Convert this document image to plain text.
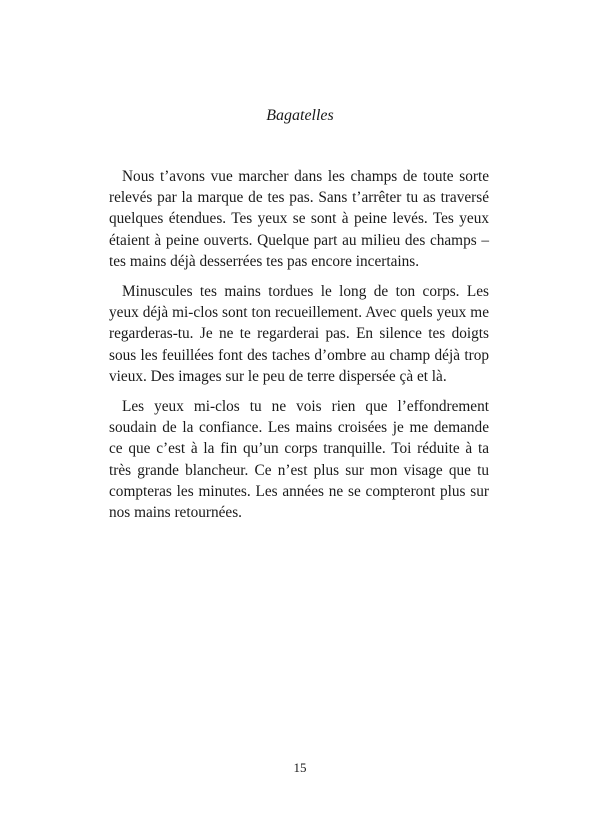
Bagatelles

Nous t’avons vue marcher dans les champs de toute sorte relevés par la marque de tes pas. Sans t’arrêter tu as traversé quelques étendues. Tes yeux se sont à peine levés. Tes yeux étaient à peine ouverts. Quelque part au milieu des champs – tes mains déjà desserrées tes pas encore incertains.

Minuscules tes mains tordues le long de ton corps. Les yeux déjà mi-clos sont ton recueillement. Avec quels yeux me regarderas-tu. Je ne te regarderai pas. En silence tes doigts sous les feuillées font des taches d’ombre au champ déjà trop vieux. Des images sur le peu de terre dispersée çà et là.

Les yeux mi-clos tu ne vois rien que l’effondrement soudain de la confiance. Les mains croisées je me demande ce que c’est à la fin qu’un corps tranquille. Toi réduite à ta très grande blancheur. Ce n’est plus sur mon visage que tu compteras les minutes. Les années ne se compteront plus sur nos mains retournées.

15
